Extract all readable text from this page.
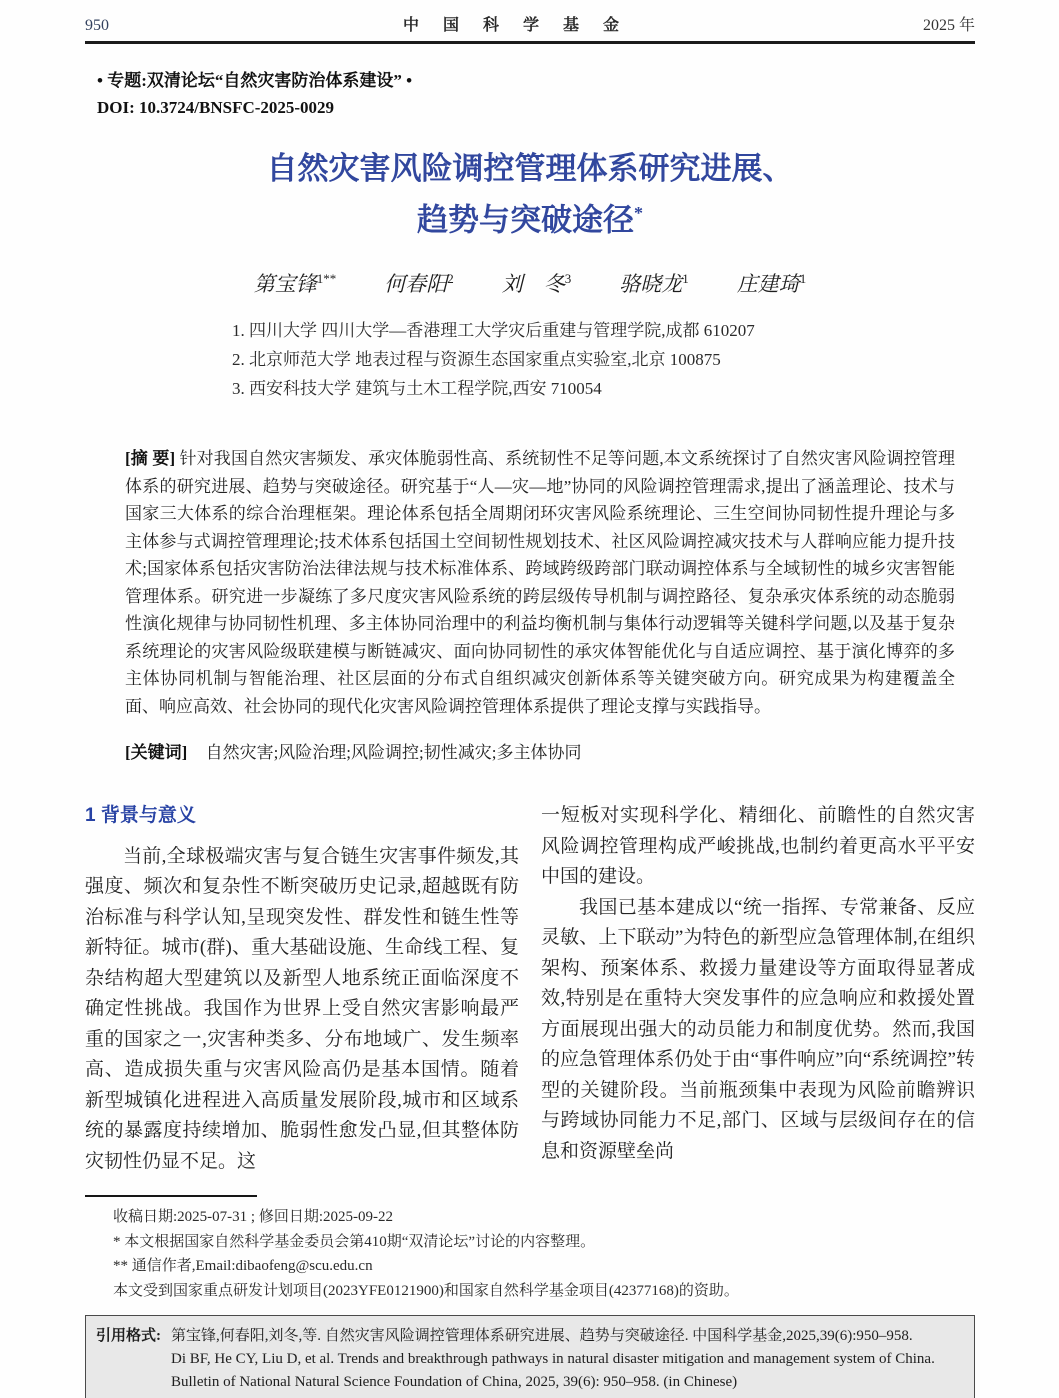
950	中 国 科 学 基 金	2025 年
• 专题:双清论坛“自然灾害防治体系建设” •
DOI: 10.3724/BNSFC-2025-0029
自然灾害风险调控管理体系研究进展、
趋势与突破途径*
第宝锋$^{1**}$ 何春阳$^2$ 刘　冬$^3$ 骆晓龙$^1$ 庄建琦$^1$
1. 四川大学 四川大学—香港理工大学灾后重建与管理学院,成都 610207
2. 北京师范大学 地表过程与资源生态国家重点实验室,北京 100875
3. 西安科技大学 建筑与土木工程学院,西安 710054
[摘 要] 针对我国自然灾害频发、承灾体脆弱性高、系统韧性不足等问题,本文系统探讨了自然灾害风险调控管理体系的研究进展、趋势与突破途径。研究基于“人—灾—地”协同的风险调控管理需求,提出了涵盖理论、技术与国家三大体系的综合治理框架。理论体系包括全周期闭环灾害风险系统理论、三生空间协同韧性提升理论与多主体参与式调控管理理论;技术体系包括国土空间韧性规划技术、社区风险调控减灾技术与人群响应能力提升技术;国家体系包括灾害防治法律法规与技术标准体系、跨域跨级跨部门联动调控体系与全域韧性的城乡灾害智能管理体系。研究进一步凝练了多尺度灾害风险系统的跨层级传导机制与调控路径、复杂承灾体系统的动态脆弱性演化规律与协同韧性机理、多主体协同治理中的利益均衡机制与集体行动逻辑等关键科学问题,以及基于复杂系统理论的灾害风险级联建模与断链减灾、面向协同韧性的承灾体智能优化与自适应调控、基于演化博弈的多主体协同机制与智能治理、社区层面的分布式自组织减灾创新体系等关键突破方向。研究成果为构建覆盖全面、响应高效、社会协同的现代化灾害风险调控管理体系提供了理论支撑与实践指导。
[关键词] 自然灾害;风险治理;风险调控;韧性减灾;多主体协同
1 背景与意义

当前,全球极端灾害与复合链生灾害事件频发,其强度、频次和复杂性不断突破历史记录,超越既有防治标准与科学认知,呈现突发性、群发性和链生性等新特征。城市(群)、重大基础设施、生命线工程、复杂结构超大型建筑以及新型人地系统正面临深度不确定性挑战。我国作为世界上受自然灾害影响最严重的国家之一,灾害种类多、分布地域广、发生频率高、造成损失重与灾害风险高仍是基本国情。随着新型城镇化进程进入高质量发展阶段,城市和区域系统的暴露度持续增加、脆弱性愈发凸显,但其整体防灾韧性仍显不足。这

一短板对实现科学化、精细化、前瞻性的自然灾害风险调控管理构成严峻挑战,也制约着更高水平平安中国的建设。

我国已基本建成以“统一指挥、专常兼备、反应灵敏、上下联动”为特色的新型应急管理体制,在组织架构、预案体系、救援力量建设等方面取得显著成效,特别是在重特大突发事件的应急响应和救援处置方面展现出强大的动员能力和制度优势。然而,我国的应急管理体系仍处于由“事件响应”向“系统调控”转型的关键阶段。当前瓶颈集中表现为风险前瞻辨识与跨域协同能力不足,部门、区域与层级间存在的信息和资源壁垒尚

收稿日期:2025-07-31 ; 修回日期:2025-09-22
* 本文根据国家自然科学基金委员会第410期“双清论坛”讨论的内容整理。
** 通信作者,Email:dibaofeng@scu.edu.cn
本文受到国家重点研发计划项目(2023YFE0121900)和国家自然科学基金项目(42377168)的资助。
引用格式: 第宝锋,何春阳,刘冬,等. 自然灾害风险调控管理体系研究进展、趋势与突破途径. 中国科学基金,2025,39(6):950–958.

Di BF, He CY, Liu D, et al. Trends and breakthrough pathways in natural disaster mitigation and management system of China. Bulletin of National Natural Science Foundation of China, 2025, 39(6): 950–958. (in Chinese)
